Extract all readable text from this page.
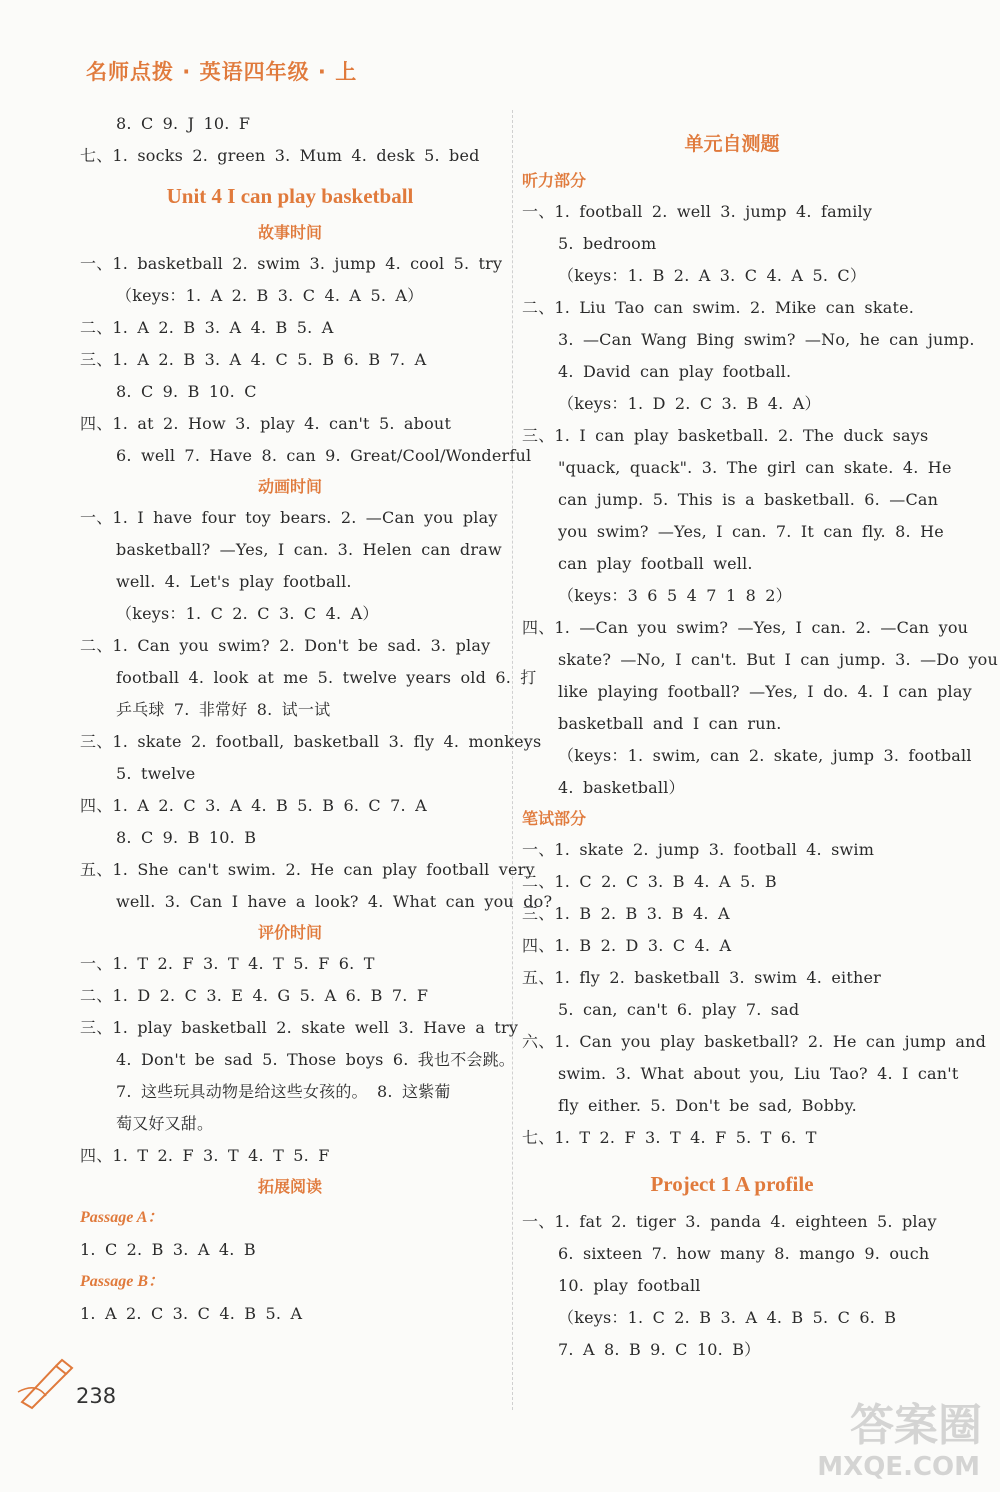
名师点拨 · 英语四年级 · 上
8. C 9. J 10. F
七、1. socks 2. green 3. Mum 4. desk 5. bed
Unit 4 I can play basketball
故事时间
一、1. basketball 2. swim 3. jump 4. cool 5. try
（keys：1. A 2. B 3. C 4. A 5. A）
二、1. A 2. B 3. A 4. B 5. A
三、1. A 2. B 3. A 4. C 5. B 6. B 7. A
8. C 9. B 10. C
四、1. at 2. How 3. play 4. can't 5. about
6. well 7. Have 8. can 9. Great/Cool/Wonderful
动画时间
一、1. I have four toy bears. 2. —Can you play
basketball? —Yes, I can. 3. Helen can draw
well. 4. Let's play football.
（keys：1. C 2. C 3. C 4. A）
二、1. Can you swim? 2. Don't be sad. 3. play
football 4. look at me 5. twelve years old 6. 打
乒乓球 7. 非常好 8. 试一试
三、1. skate 2. football, basketball 3. fly 4. monkeys
5. twelve
四、1. A 2. C 3. A 4. B 5. B 6. C 7. A
8. C 9. B 10. B
五、1. She can't swim. 2. He can play football very
well. 3. Can I have a look? 4. What can you do?
评价时间
一、1. T 2. F 3. T 4. T 5. F 6. T
二、1. D 2. C 3. E 4. G 5. A 6. B 7. F
三、1. play basketball 2. skate well 3. Have a try
4. Don't be sad 5. Those boys 6. 我也不会跳。
7. 这些玩具动物是给这些女孩的。 8. 这紫葡
萄又好又甜。
四、1. T 2. F 3. T 4. T 5. F
拓展阅读
Passage A：
1. C 2. B 3. A 4. B
Passage B：
1. A 2. C 3. C 4. B 5. A
单元自测题
听力部分
一、1. football 2. well 3. jump 4. family
5. bedroom
（keys：1. B 2. A 3. C 4. A 5. C）
二、1. Liu Tao can swim. 2. Mike can skate.
3. —Can Wang Bing swim? —No, he can jump.
4. David can play football.
（keys：1. D 2. C 3. B 4. A）
三、1. I can play basketball. 2. The duck says
"quack, quack". 3. The girl can skate. 4. He
can jump. 5. This is a basketball. 6. —Can
you swim? —Yes, I can. 7. It can fly. 8. He
can play football well.
（keys：3 6 5 4 7 1 8 2）
四、1. —Can you swim? —Yes, I can. 2. —Can you
skate? —No, I can't. But I can jump. 3. —Do you
like playing football? —Yes, I do. 4. I can play
basketball and I can run.
（keys：1. swim, can 2. skate, jump 3. football
4. basketball）
笔试部分
一、1. skate 2. jump 3. football 4. swim
二、1. C 2. C 3. B 4. A 5. B
三、1. B 2. B 3. B 4. A
四、1. B 2. D 3. C 4. A
五、1. fly 2. basketball 3. swim 4. either
5. can, can't 6. play 7. sad
六、1. Can you play basketball? 2. He can jump and
swim. 3. What about you, Liu Tao? 4. I can't
fly either. 5. Don't be sad, Bobby.
七、1. T 2. F 3. T 4. F 5. T 6. T
Project 1 A profile
一、1. fat 2. tiger 3. panda 4. eighteen 5. play
6. sixteen 7. how many 8. mango 9. ouch
10. play football
（keys：1. C 2. B 3. A 4. B 5. C 6. B
7. A 8. B 9. C 10. B）
238
答案圈
MXQE.COM
